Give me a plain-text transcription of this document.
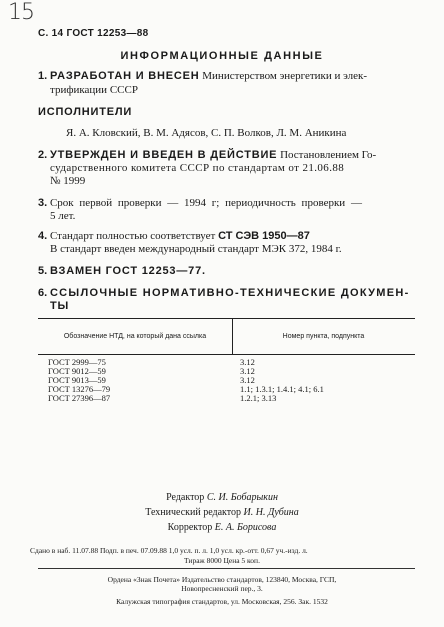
15
С. 14 ГОСТ 12253—88
ИНФОРМАЦИОННЫЕ ДАННЫЕ
1. РАЗРАБОТАН И ВНЕСЕН Министерством энергетики и элек-
трификации СССР
ИСПОЛНИТЕЛИ
Я. А. Кловский, В. М. Адясов, С. П. Волков, Л. М. Аникина
2. УТВЕРЖДЕН И ВВЕДЕН В ДЕЙСТВИЕ Постановлением Го-
сударственного комитета СССР по стандартам от 21.06.88
№ 1999
3. Срок первой проверки — 1994 г; периодичность проверки —
5 лет.
4. Стандарт полностью соответствует СТ СЭВ 1950—87
В стандарт введен международный стандарт МЭК 372, 1984 г.
5. ВЗАМЕН ГОСТ 12253—77.
6. ССЫЛОЧНЫЕ НОРМАТИВНО-ТЕХНИЧЕСКИЕ ДОКУМЕН-
ТЫ
Обозначение НТД, на который дана ссылка	Номер пункта, подпункта
ГОСТ 2999—75	3.12
ГОСТ 9012—59	3.12
ГОСТ 9013—59	3.12
ГОСТ 13276—79	1.1; 1.3.1; 1.4.1; 4.1; 6.1
ГОСТ 27396—87	1.2.1; 3.13
Редактор С. И. Бобарыкин
Технический редактор И. Н. Дубина
Корректор Е. А. Борисова
Сдано в наб. 11.07.88 Подп. в печ. 07.09.88 1,0 усл. п. л. 1,0 усл. кр.-отт. 0,67 уч.-изд. л.
Тираж 8000 Цена 5 коп.
Ордена «Знак Почета» Издательство стандартов, 123840, Москва, ГСП,
Новопресненский пер., 3.
Калужская типография стандартов, ул. Московская, 256. Зак. 1532
